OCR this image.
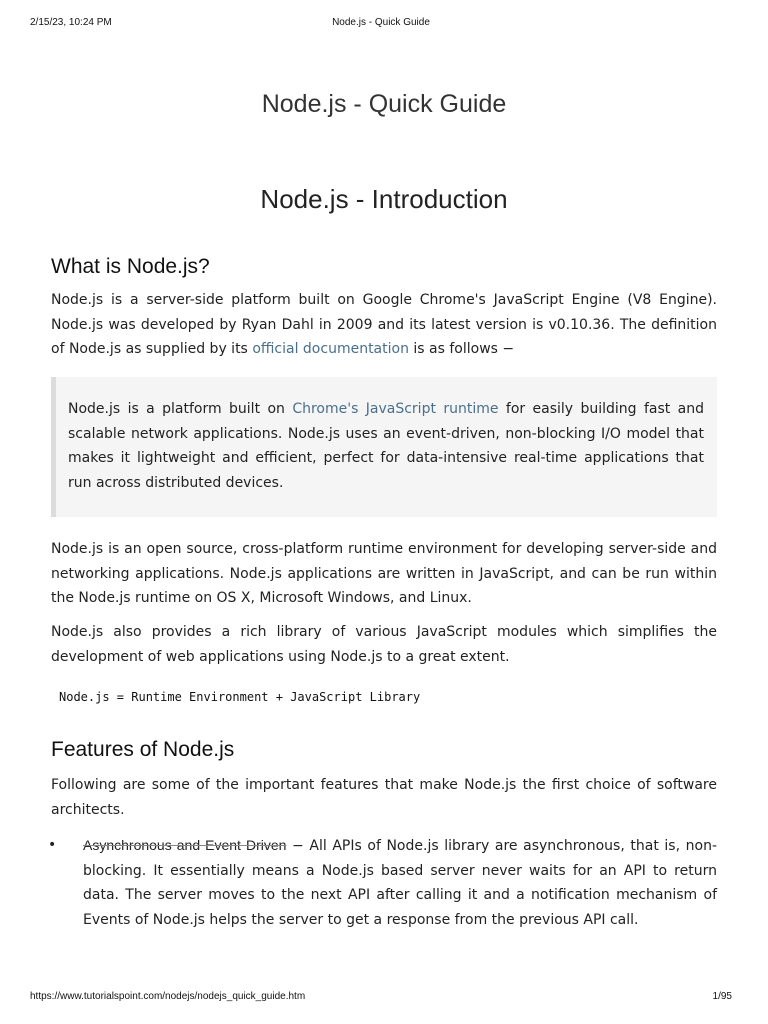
2/15/23, 10:24 PM	Node.js - Quick Guide
Node.js - Quick Guide
Node.js - Introduction
What is Node.js?

Node.js is a server-side platform built on Google Chrome's JavaScript Engine (V8 Engine). Node.js was developed by Ryan Dahl in 2009 and its latest version is v0.10.36. The definition of Node.js as supplied by its official documentation is as follows −

Node.js is a platform built on Chrome's JavaScript runtime for easily building fast and scalable network applications. Node.js uses an event-driven, non-blocking I/O model that makes it lightweight and efficient, perfect for data-intensive real-time applications that run across distributed devices.

Node.js is an open source, cross-platform runtime environment for developing server-side and networking applications. Node.js applications are written in JavaScript, and can be run within the Node.js runtime on OS X, Microsoft Windows, and Linux.

Node.js also provides a rich library of various JavaScript modules which simplifies the development of web applications using Node.js to a great extent.

Node.js = Runtime Environment + JavaScript Library
Features of Node.js

Following are some of the important features that make Node.js the first choice of software architects.

• Asynchronous and Event Driven − All APIs of Node.js library are asynchronous, that is, non-blocking. It essentially means a Node.js based server never waits for an API to return data. The server moves to the next API after calling it and a notification mechanism of Events of Node.js helps the server to get a response from the previous API call.
https://www.tutorialspoint.com/nodejs/nodejs_quick_guide.htm	1/95
